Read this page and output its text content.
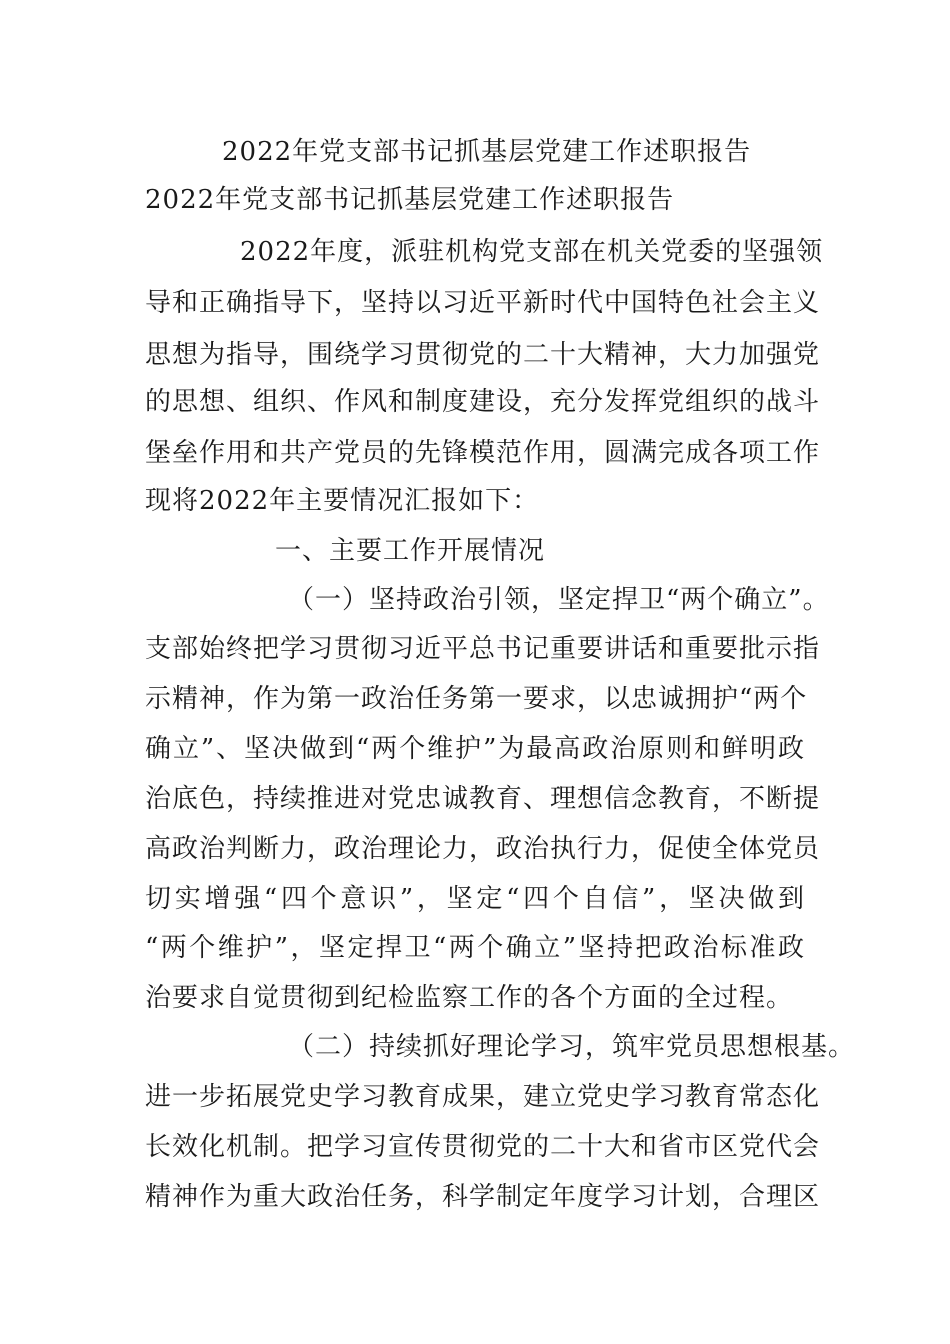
2022年党支部书记抓基层党建工作述职报告
2022年党支部书记抓基层党建工作述职报告
2022年度，派驻机构党支部在机关党委的坚强领
导和正确指导下，坚持以习近平新时代中国特色社会主义
思想为指导，围绕学习贯彻党的二十大精神，大力加强党
的思想、组织、作风和制度建设，充分发挥党组织的战斗
堡垒作用和共产党员的先锋模范作用，圆满完成各项工作
现将2022年主要情况汇报如下：
一、主要工作开展情况
（一）坚持政治引领，坚定捍卫“两个确立”。
支部始终把学习贯彻习近平总书记重要讲话和重要批示指
示精神，作为第一政治任务第一要求，以忠诚拥护“两个
确立”、坚决做到“两个维护”为最高政治原则和鲜明政
治底色，持续推进对党忠诚教育、理想信念教育，不断提
高政治判断力，政治理论力，政治执行力，促使全体党员
切实增强“四个意识”，坚定“四个自信”，坚决做到
“两个维护”，坚定捍卫“两个确立”坚持把政治标准政
治要求自觉贯彻到纪检监察工作的各个方面的全过程。
（二）持续抓好理论学习，筑牢党员思想根基。
进一步拓展党史学习教育成果，建立党史学习教育常态化
长效化机制。把学习宣传贯彻党的二十大和省市区党代会
精神作为重大政治任务，科学制定年度学习计划，合理区
